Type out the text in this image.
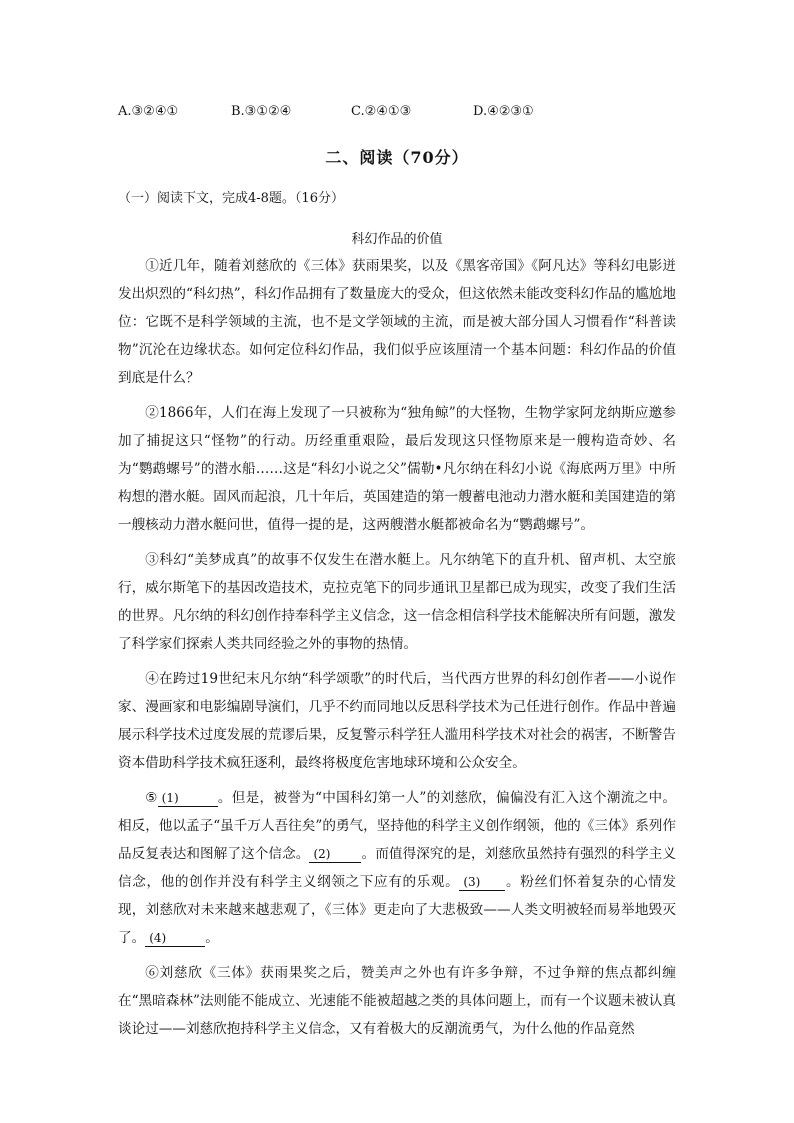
A.③②④①	B.③①②④	C.②④①③	D.④②③①
二、阅读（70分）
（一）阅读下文，完成4-8题。（16分）
科幻作品的价值

①近几年，随着刘慈欣的《三体》获雨果奖，以及《黑客帝国》《阿凡达》等科幻电影迸发出炽烈的“科幻热”，科幻作品拥有了数量庞大的受众，但这依然未能改变科幻作品的尴尬地位：它既不是科学领域的主流，也不是文学领域的主流，而是被大部分国人习惯看作“科普读物”沉沦在边缘状态。如何定位科幻作品，我们似乎应该厘清一个基本问题：科幻作品的价值到底是什么？

②1866年，人们在海上发现了一只被称为“独角鲸”的大怪物，生物学家阿龙纳斯应邀参加了捕捉这只“怪物”的行动。历经重重艰险，最后发现这只怪物原来是一艘构造奇妙、名为“鹦鹉螺号”的潜水船……这是“科幻小说之父”儒勒•凡尔纳在科幻小说《海底两万里》中所构想的潜水艇。固风而起浪，几十年后，英国建造的第一艘蓄电池动力潜水艇和美国建造的第一艘核动力潜水艇问世，值得一提的是，这两艘潜水艇都被命名为“鹦鹉螺号”。

③科幻“美梦成真”的故事不仅发生在潜水艇上。凡尔纳笔下的直升机、留声机、太空旅行，威尔斯笔下的基因改造技术，克拉克笔下的同步通讯卫星都已成为现实，改变了我们生活的世界。凡尔纳的科幻创作持奉科学主义信念，这一信念相信科学技术能解决所有问题，激发了科学家们探索人类共同经验之外的事物的热情。

④在跨过19世纪末凡尔纳“科学颂歌”的时代后，当代西方世界的科幻创作者——小说作家、漫画家和电影编剧导演们，几乎不约而同地以反思科学技术为己任进行创作。作品中普遍展示科学技术过度发展的荒谬后果，反复警示科学狂人滥用科学技术对社会的祸害，不断警告资本借助科学技术疯狂逐利，最终将极度危害地球环境和公众安全。

⑤ (1)	。但是，被誉为“中国科幻第一人”的刘慈欣，偏偏没有汇入这个潮流之中。相反，他以孟子“虽千万人吾往矣”的勇气，坚持他的科学主义创作纲领，他的《三体》系列作品反复表达和图解了这个信念。 (2) 。而值得深究的是，刘慈欣虽然持有强烈的科学主义信念，他的创作并没有科学主义纲领之下应有的乐观。 (3) 。粉丝们怀着复杂的心情发现，刘慈欣对未来越来越悲观了，《三体》更走向了大悲极致——人类文明被轻而易举地毁灭了。 (4)	。

⑥刘慈欣《三体》获雨果奖之后，赞美声之外也有许多争辩，不过争辩的焦点都纠缠在“黑暗森林”法则能不能成立、光速能不能被超越之类的具体问题上，而有一个议题未被认真谈论过——刘慈欣抱持科学主义信念，又有着极大的反潮流勇气，为什么他的作品竟然
